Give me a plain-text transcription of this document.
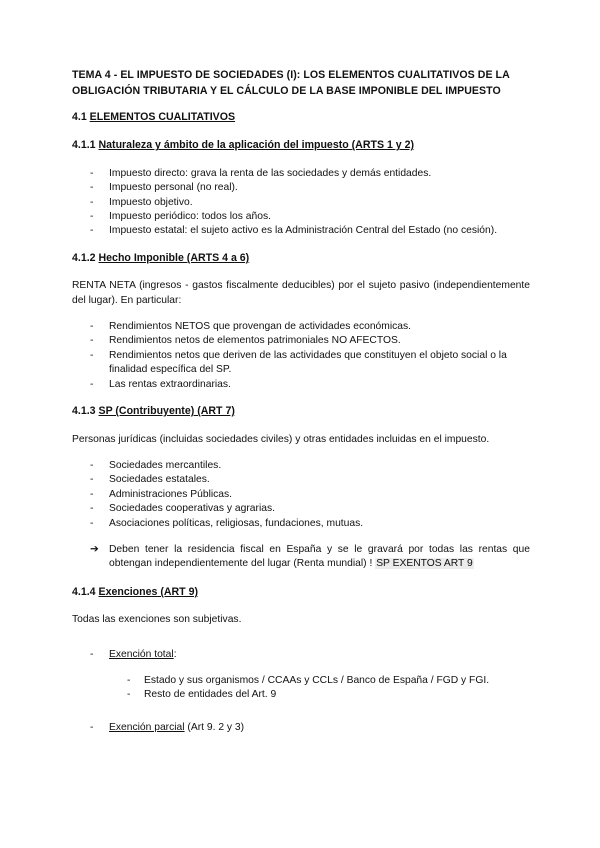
TEMA 4 - EL IMPUESTO DE SOCIEDADES (I): LOS ELEMENTOS CUALITATIVOS DE LA OBLIGACIÓN TRIBUTARIA Y EL CÁLCULO DE LA BASE IMPONIBLE DEL IMPUESTO
4.1 ELEMENTOS CUALITATIVOS
4.1.1 Naturaleza y ámbito de la aplicación del impuesto (ARTS 1 y 2)
- Impuesto directo: grava la renta de las sociedades y demás entidades.
- Impuesto personal (no real).
- Impuesto objetivo.
- Impuesto periódico: todos los años.
- Impuesto estatal: el sujeto activo es la Administración Central del Estado (no cesión).
4.1.2 Hecho Imponible (ARTS 4 a 6)

RENTA NETA (ingresos - gastos fiscalmente deducibles) por el sujeto pasivo (independientemente del lugar). En particular:

- Rendimientos NETOS que provengan de actividades económicas.
- Rendimientos netos de elementos patrimoniales NO AFECTOS.
- Rendimientos netos que deriven de las actividades que constituyen el objeto social o la finalidad específica del SP.
- Las rentas extraordinarias.
4.1.3 SP (Contribuyente) (ART 7)

Personas jurídicas (incluidas sociedades civiles) y otras entidades incluidas en el impuesto.

- Sociedades mercantiles.
- Sociedades estatales.
- Administraciones Públicas.
- Sociedades cooperativas y agrarias.
- Asociaciones políticas, religiosas, fundaciones, mutuas.
➔ Deben tener la residencia fiscal en España y se le gravará por todas las rentas que obtengan independientemente del lugar (Renta mundial) ! SP EXENTOS ART 9
4.1.4 Exenciones (ART 9)

Todas las exenciones son subjetivas.

- Exención total:
- Estado y sus organismos / CCAAs y CCLs / Banco de España / FGD y FGI.
- Resto de entidades del Art. 9
- Exención parcial (Art 9. 2 y 3)
